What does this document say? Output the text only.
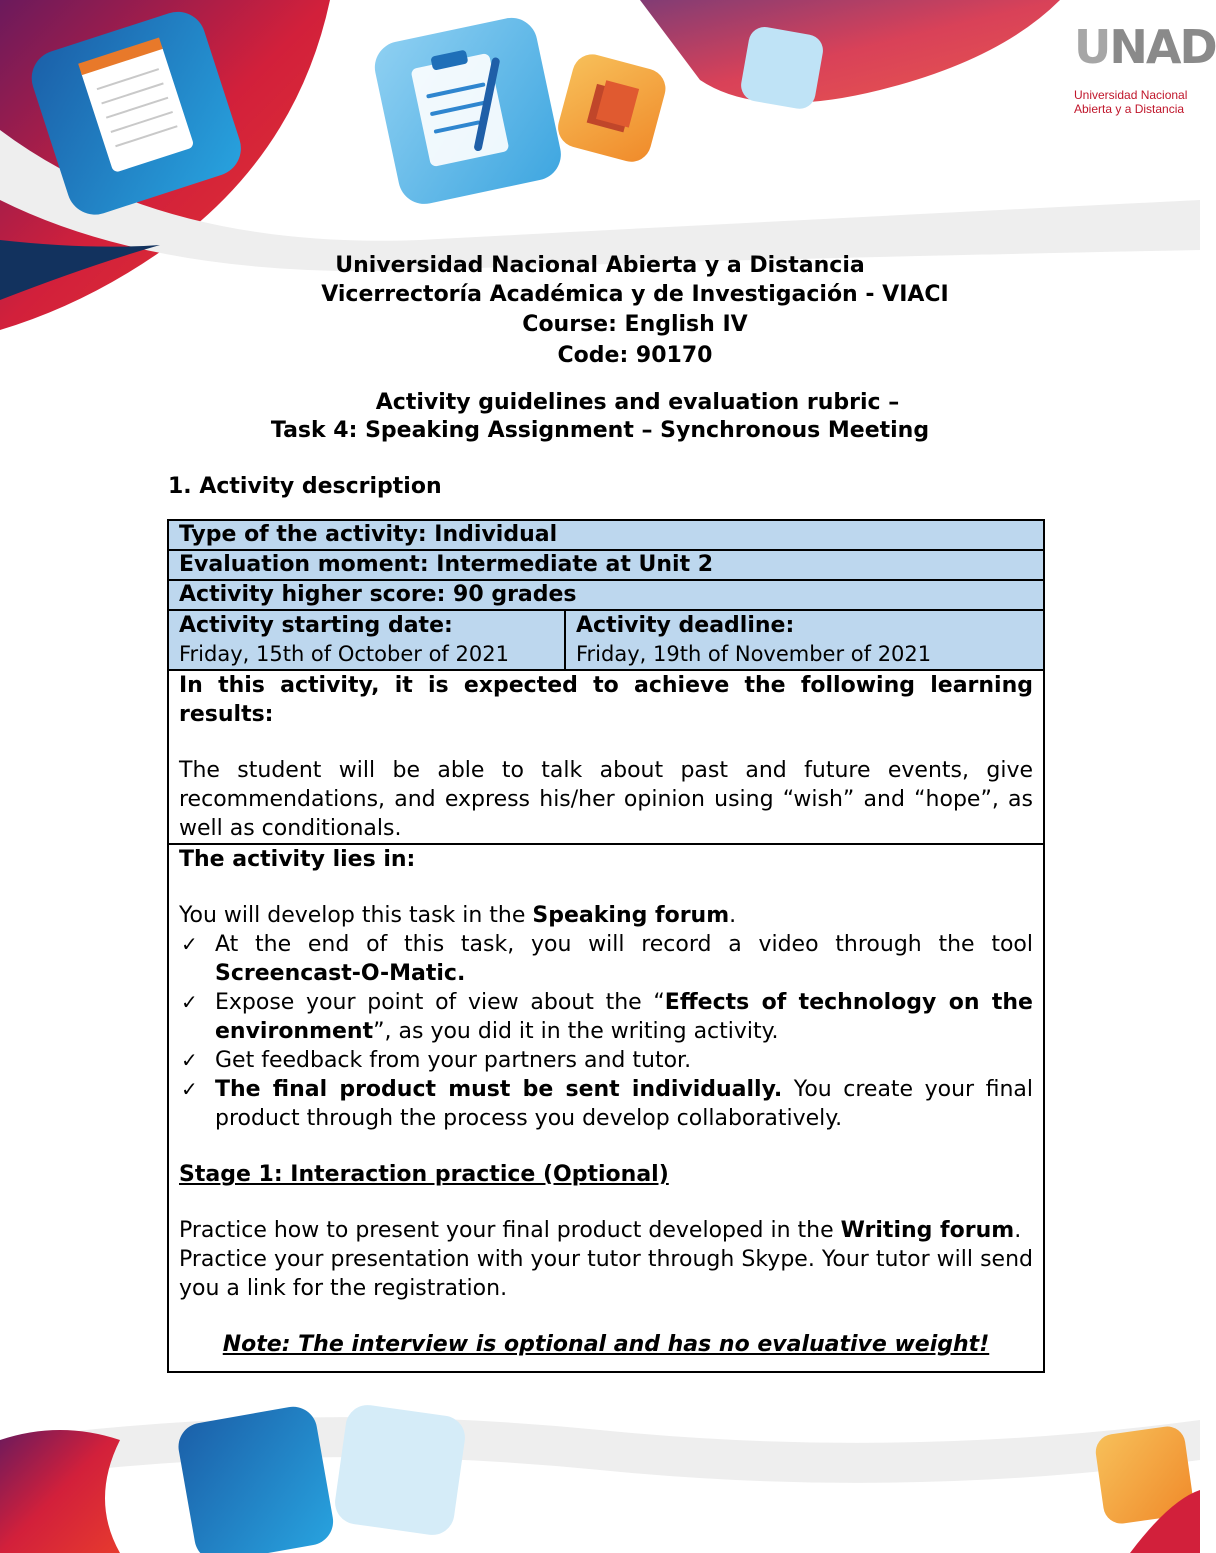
UNAD
Universidad Nacional
Abierta y a Distancia
Universidad Nacional Abierta y a Distancia
Vicerrectoría Académica y de Investigación - VIACI
Course: English IV
Code: 90170
Activity guidelines and evaluation rubric –
Task 4: Speaking Assignment – Synchronous Meeting
1. Activity description
Type of the activity: Individual
Evaluation moment: Intermediate at Unit 2
Activity higher score: 90 grades

Activity starting date:
Friday, 15th of October of 2021

Activity deadline:
Friday, 19th of November of 2021

In this activity, it is expected to achieve the following learning results:
The student will be able to talk about past and future events, give recommendations, and express his/her opinion using “wish” and “hope”, as well as conditionals.

The activity lies in:
You will develop this task in the Speaking forum.
✓ At the end of this task, you will record a video through the tool Screencast-O-Matic.
✓ Expose your point of view about the “Effects of technology on the environment”, as you did it in the writing activity.
✓ Get feedback from your partners and tutor.
✓ The final product must be sent individually. You create your final product through the process you develop collaboratively.
Stage 1: Interaction practice (Optional)
Practice how to present your final product developed in the Writing forum.
Practice your presentation with your tutor through Skype. Your tutor will send you a link for the registration.
Note: The interview is optional and has no evaluative weight!
